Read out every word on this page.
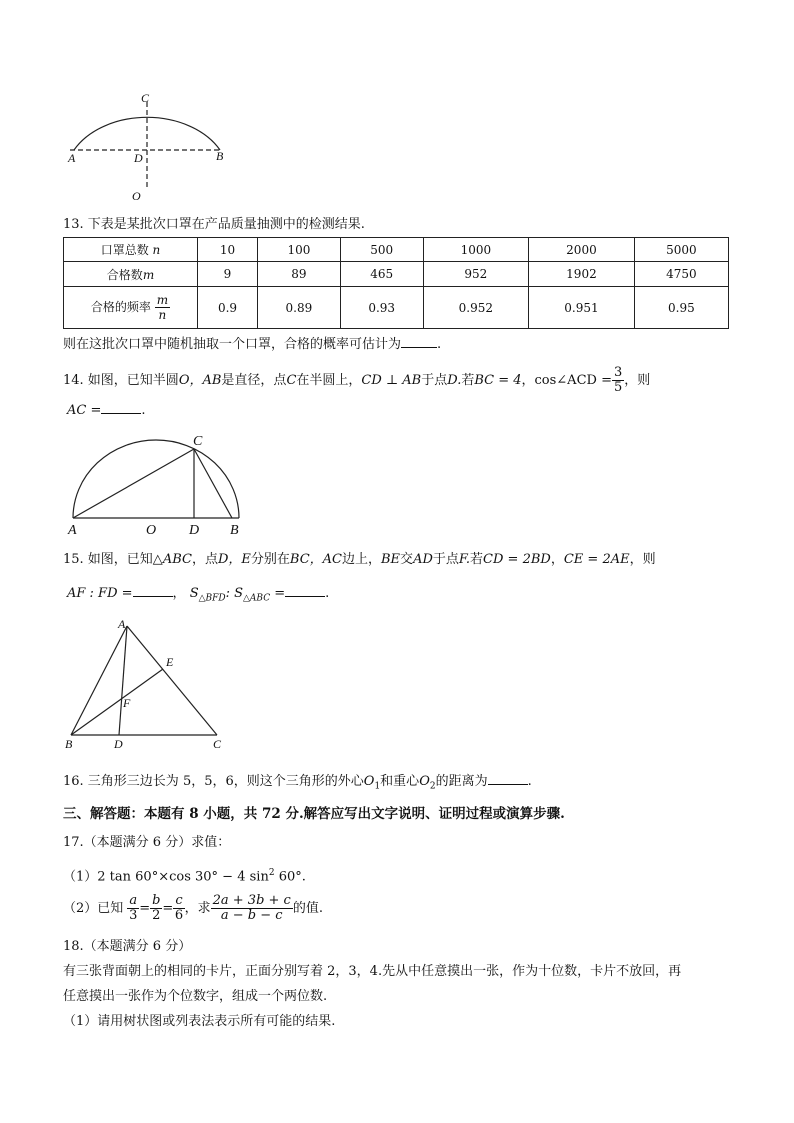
C
A	D	B
O
13. 下表是某批次口罩在产品质量抽测中的检测结果.
口罩总数 n	10	100	500	1000	2000	5000
合格数m	9	89	465	952	1902	4750
合格的频率 $\frac{m}{n}$	0.9	0.89	0.93	0.952	0.951	0.95
则在这批次口罩中随机抽取一个口罩，合格的概率可估计为	.
14. 如图，已知半圆O，AB是直径，点C在半圆上，CD ⊥ AB于点D.若BC = 4，cos∠ACD = $\frac{3}{5}$ ，则
AC =	.
C
A	O D B
15. 如图，已知△ABC，点D，E分别在BC，AC边上，BE交AD于点F.若CD = 2BD，CE = 2AE，则
AF : FD =	， $S_{\triangle BFD}$: $S_{\triangle ABC}$ =	.
A
E
F
B	D	C
16. 三角形三边长为 5，5，6，则这个三角形的外心$O_1$和重心$O_2$的距离为	.
三、解答题：本题有 8 小题，共 72 分.解答应写出文字说明、证明过程或演算步骤.
17.（本题满分 6 分）求值：
（1）2 tan 60°×cos 30° − 4 $\sin^2 60^\circ$.
（2）已知 $\frac{a}{3} = \frac{b}{2} = \frac{c}{6}$ ，求 $\frac{2a + 3b + c}{a - b - c}$ 的值.
18.（本题满分 6 分）
有三张背面朝上的相同的卡片，正面分别写着 2，3，4.先从中任意摸出一张，作为十位数，卡片不放回，再
任意摸出一张作为个位数字，组成一个两位数.
（1）请用树状图或列表法表示所有可能的结果.
